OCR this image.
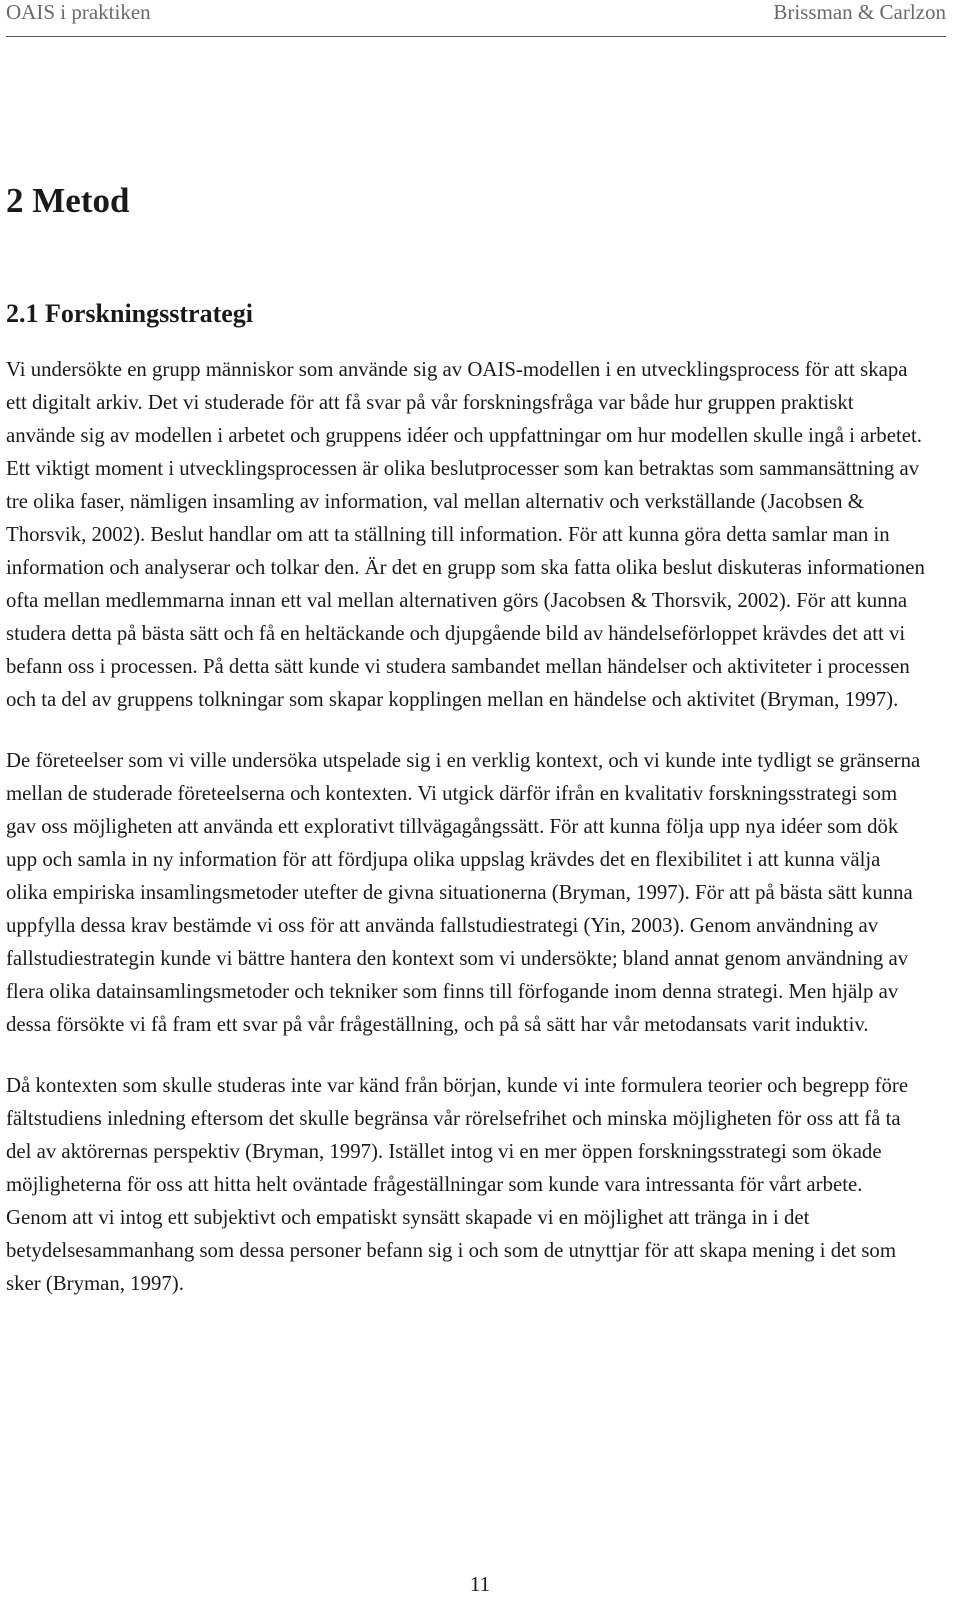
OAIS i praktiken	Brissman & Carlzon
2 Metod
2.1 Forskningsstrategi

Vi undersökte en grupp människor som använde sig av OAIS-modellen i en utvecklingsprocess för att skapa ett digitalt arkiv. Det vi studerade för att få svar på vår forskningsfråga var både hur gruppen praktiskt använde sig av modellen i arbetet och gruppens idéer och uppfattningar om hur modellen skulle ingå i arbetet. Ett viktigt moment i utvecklingsprocessen är olika beslutprocesser som kan betraktas som sammansättning av tre olika faser, nämligen insamling av information, val mellan alternativ och verkställande (Jacobsen & Thorsvik, 2002). Beslut handlar om att ta ställning till information. För att kunna göra detta samlar man in information och analyserar och tolkar den. Är det en grupp som ska fatta olika beslut diskuteras informationen ofta mellan medlemmarna innan ett val mellan alternativen görs (Jacobsen & Thorsvik, 2002). För att kunna studera detta på bästa sätt och få en heltäckande och djupgående bild av händelseförloppet krävdes det att vi befann oss i processen. På detta sätt kunde vi studera sambandet mellan händelser och aktiviteter i processen och ta del av gruppens tolkningar som skapar kopplingen mellan en händelse och aktivitet (Bryman, 1997).

De företeelser som vi ville undersöka utspelade sig i en verklig kontext, och vi kunde inte tydligt se gränserna mellan de studerade företeelserna och kontexten. Vi utgick därför ifrån en kvalitativ forskningsstrategi som gav oss möjligheten att använda ett explorativt tillvägagångssätt. För att kunna följa upp nya idéer som dök upp och samla in ny information för att fördjupa olika uppslag krävdes det en flexibilitet i att kunna välja olika empiriska insamlingsmetoder utefter de givna situationerna (Bryman, 1997). För att på bästa sätt kunna uppfylla dessa krav bestämde vi oss för att använda fallstudiestrategi (Yin, 2003). Genom användning av fallstudiestrategin kunde vi bättre hantera den kontext som vi undersökte; bland annat genom användning av flera olika datainsamlingsmetoder och tekniker som finns till förfogande inom denna strategi. Men hjälp av dessa försökte vi få fram ett svar på vår frågeställning, och på så sätt har vår metodansats varit induktiv.

Då kontexten som skulle studeras inte var känd från början, kunde vi inte formulera teorier och begrepp före fältstudiens inledning eftersom det skulle begränsa vår rörelsefrihet och minska möjligheten för oss att få ta del av aktörernas perspektiv (Bryman, 1997). Istället intog vi en mer öppen forskningsstrategi som ökade möjligheterna för oss att hitta helt oväntade frågeställningar som kunde vara intressanta för vårt arbete. Genom att vi intog ett subjektivt och empatiskt synsätt skapade vi en möjlighet att tränga in i det betydelsesammanhang som dessa personer befann sig i och som de utnyttjar för att skapa mening i det som sker (Bryman, 1997).

11
